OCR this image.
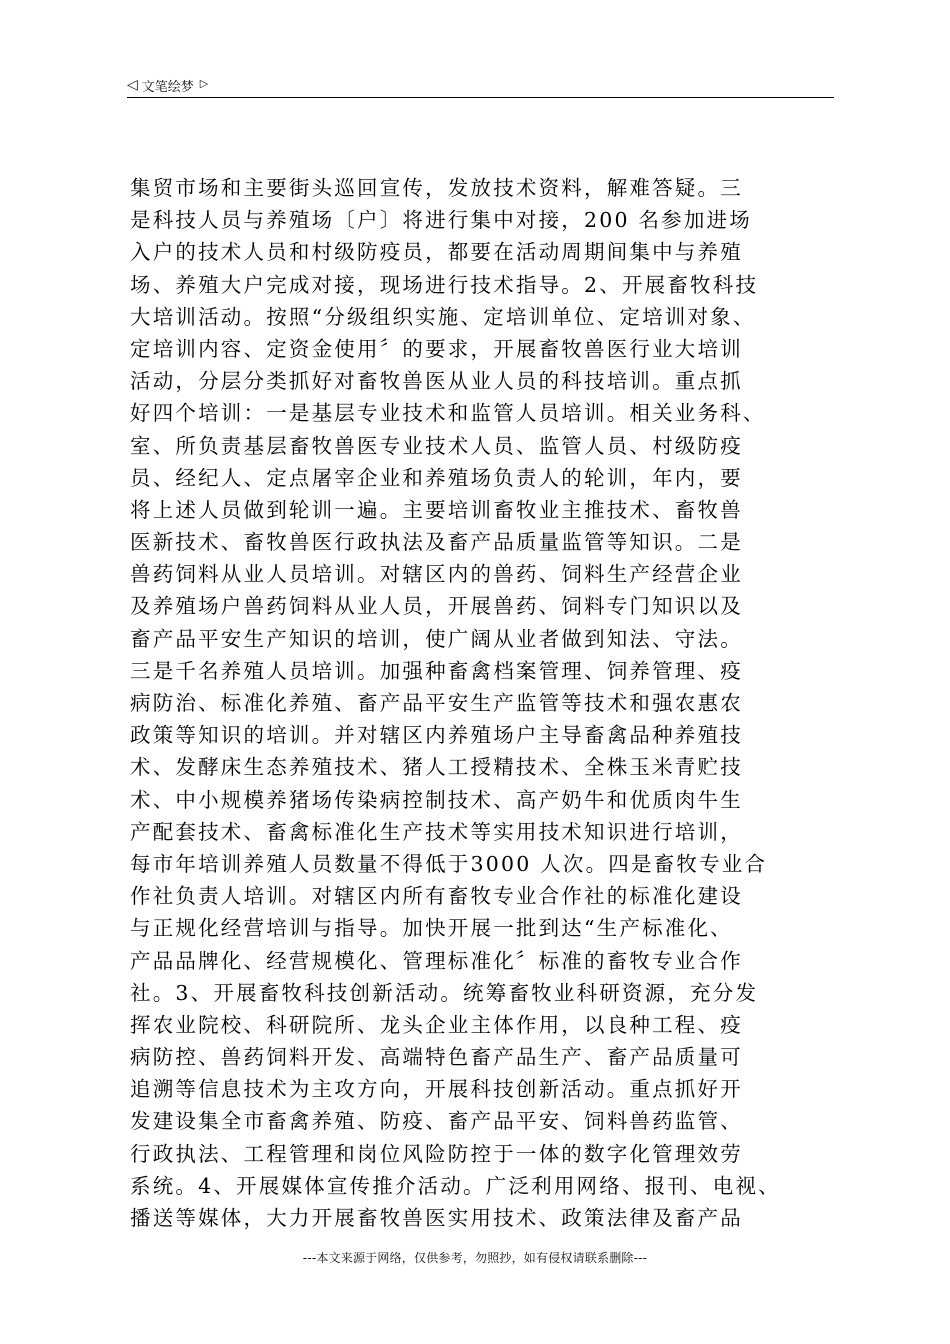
◁ 文笔绘梦 ▷
集贸市场和主要街头巡回宣传，发放技术资料，解难答疑。三
是科技人员与养殖场〔户〕将进行集中对接，200 名参加进场
入户的技术人员和村级防疫员，都要在活动周期间集中与养殖
场、养殖大户完成对接，现场进行技术指导。2、开展畜牧科技
大培训活动。按照“分级组织实施、定培训单位、定培训对象、
定培训内容、定资金使用〞的要求，开展畜牧兽医行业大培训
活动，分层分类抓好对畜牧兽医从业人员的科技培训。重点抓
好四个培训：一是基层专业技术和监管人员培训。相关业务科、
室、所负责基层畜牧兽医专业技术人员、监管人员、村级防疫
员、经纪人、定点屠宰企业和养殖场负责人的轮训，年内，要
将上述人员做到轮训一遍。主要培训畜牧业主推技术、畜牧兽
医新技术、畜牧兽医行政执法及畜产品质量监管等知识。二是
兽药饲料从业人员培训。对辖区内的兽药、饲料生产经营企业
及养殖场户兽药饲料从业人员，开展兽药、饲料专门知识以及
畜产品平安生产知识的培训，使广阔从业者做到知法、守法。
三是千名养殖人员培训。加强种畜禽档案管理、饲养管理、疫
病防治、标准化养殖、畜产品平安生产监管等技术和强农惠农
政策等知识的培训。并对辖区内养殖场户主导畜禽品种养殖技
术、发酵床生态养殖技术、猪人工授精技术、全株玉米青贮技
术、中小规模养猪场传染病控制技术、高产奶牛和优质肉牛生
产配套技术、畜禽标准化生产技术等实用技术知识进行培训，
每市年培训养殖人员数量不得低于3000 人次。四是畜牧专业合
作社负责人培训。对辖区内所有畜牧专业合作社的标准化建设
与正规化经营培训与指导。加快开展一批到达“生产标准化、
产品品牌化、经营规模化、管理标准化〞标准的畜牧专业合作
社。3、开展畜牧科技创新活动。统筹畜牧业科研资源，充分发
挥农业院校、科研院所、龙头企业主体作用，以良种工程、疫
病防控、兽药饲料开发、高端特色畜产品生产、畜产品质量可
追溯等信息技术为主攻方向，开展科技创新活动。重点抓好开
发建设集全市畜禽养殖、防疫、畜产品平安、饲料兽药监管、
行政执法、工程管理和岗位风险防控于一体的数字化管理效劳
系统。4、开展媒体宣传推介活动。广泛利用网络、报刊、电视、
播送等媒体，大力开展畜牧兽医实用技术、政策法律及畜产品
---本文来源于网络，仅供参考，勿照抄，如有侵权请联系删除---
